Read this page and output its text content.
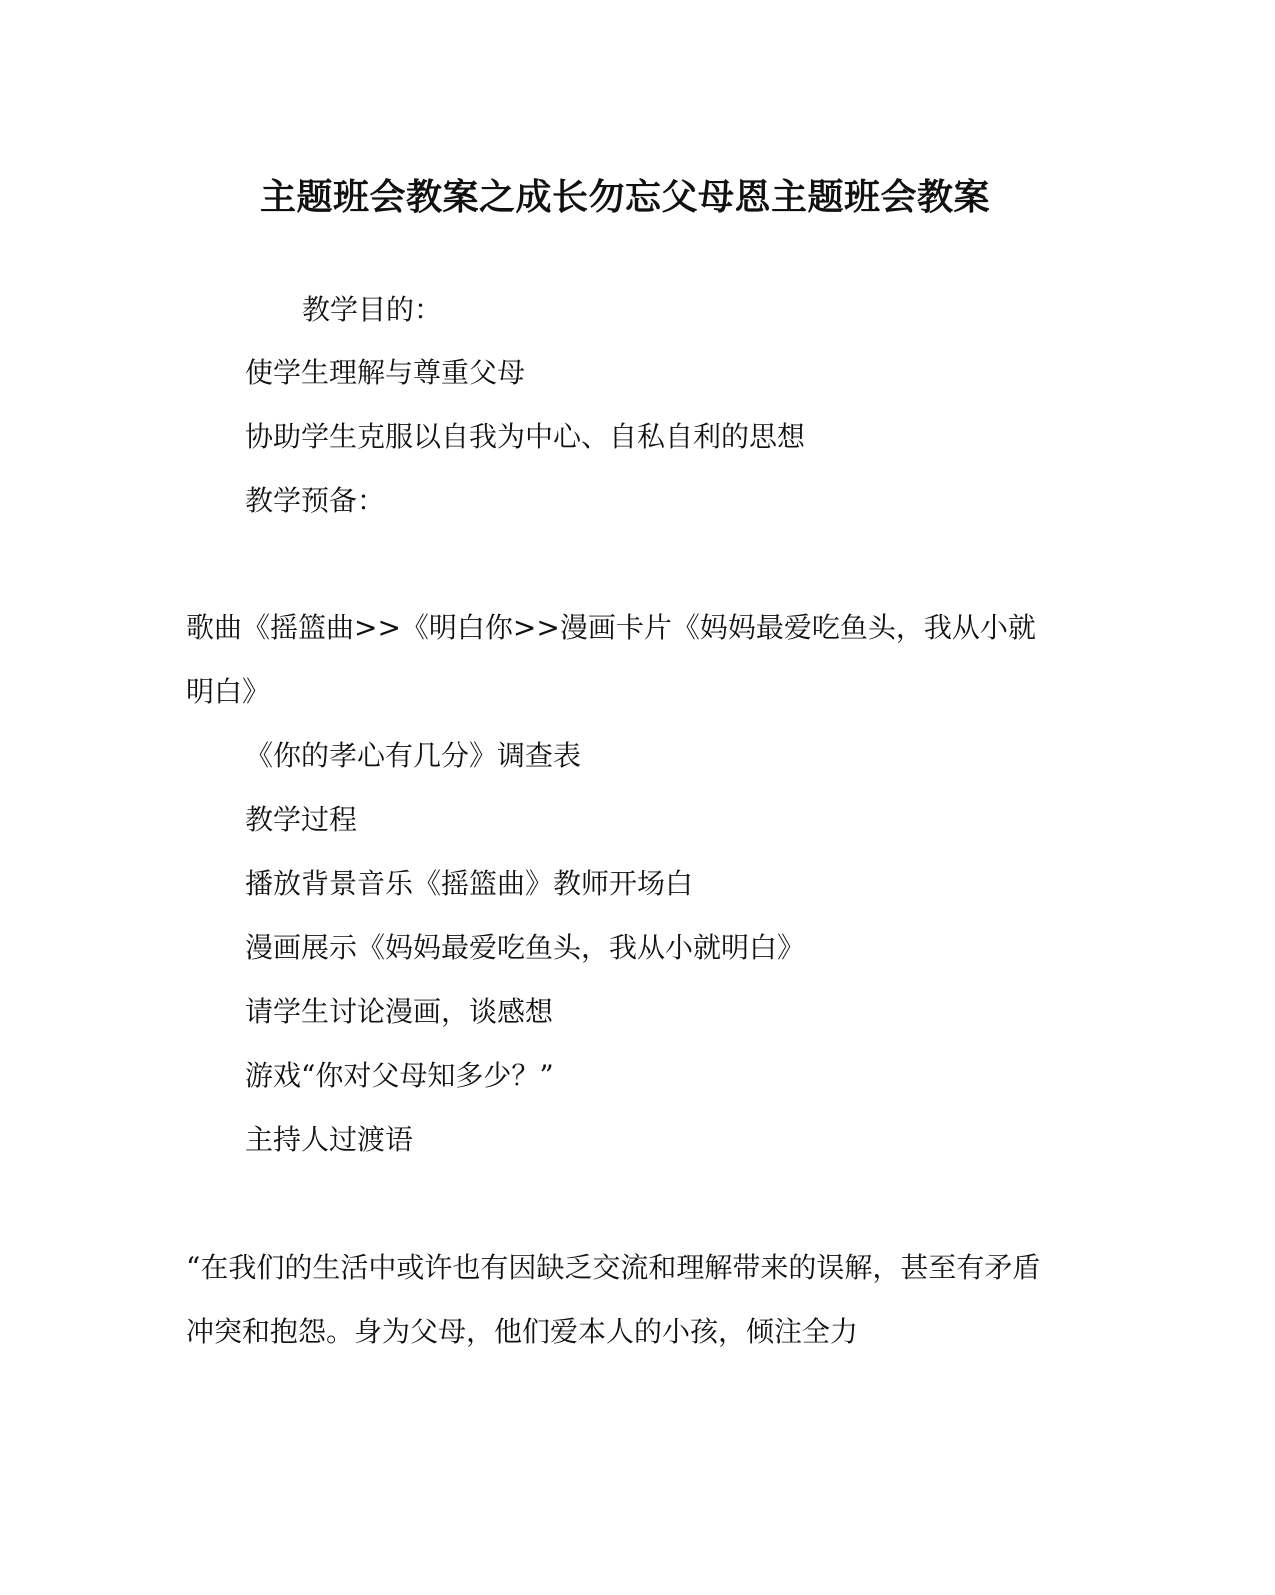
主题班会教案之成长勿忘父母恩主题班会教案
教学目的：
使学生理解与尊重父母
协助学生克服以自我为中心、自私自利的思想
教学预备：
歌曲《摇篮曲>>《明白你>>漫画卡片《妈妈最爱吃鱼头，我从小就明白》
《你的孝心有几分》调查表
教学过程
播放背景音乐《摇篮曲》教师开场白
漫画展示《妈妈最爱吃鱼头，我从小就明白》
请学生讨论漫画，谈感想
游戏“你对父母知多少？”
主持人过渡语
“在我们的生活中或许也有因缺乏交流和理解带来的误解，甚至有矛盾冲突和抱怨。身为父母，他们爱本人的小孩，倾注全力
